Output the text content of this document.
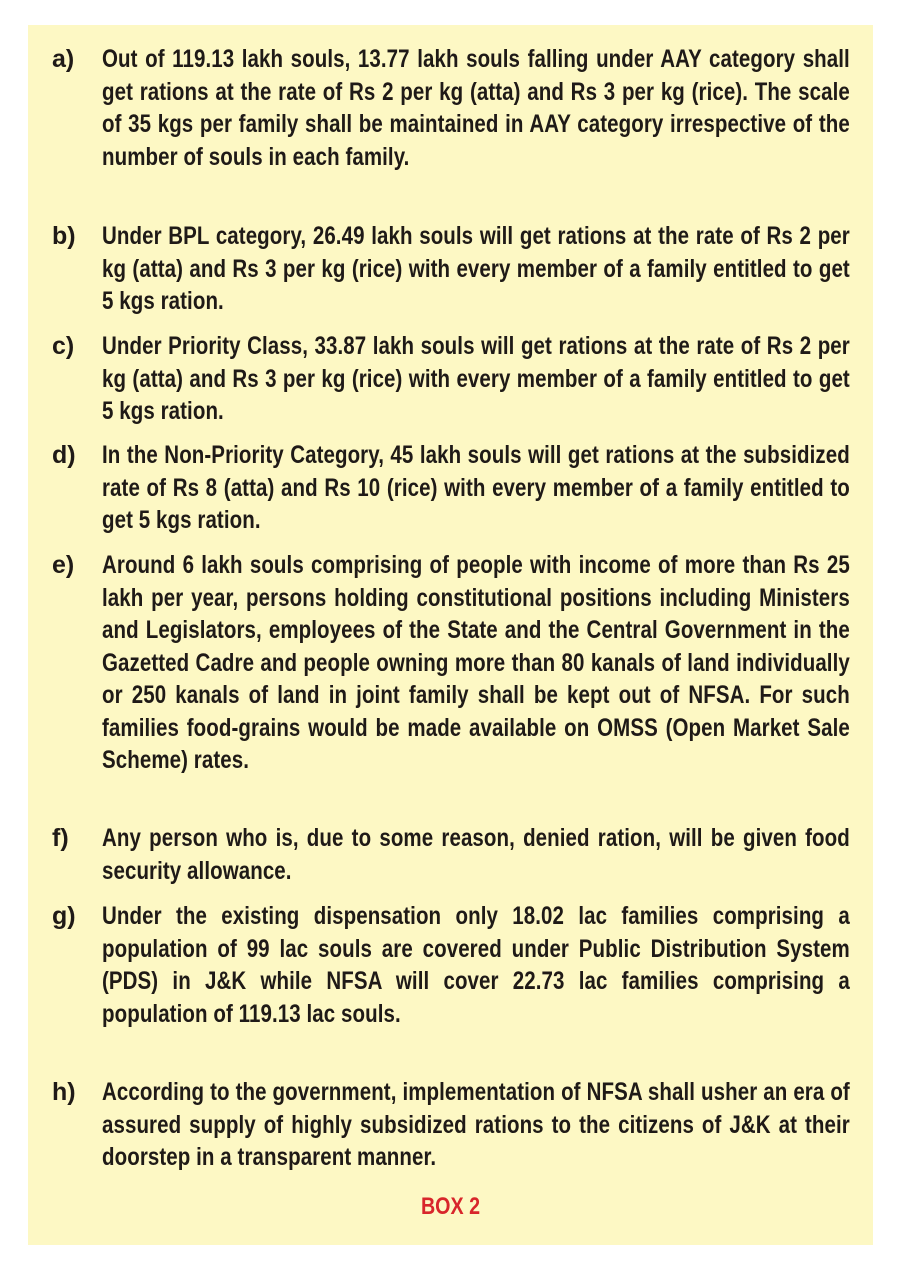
a) Out of 119.13 lakh souls, 13.77 lakh souls falling under AAY category shall get rations at the rate of Rs 2 per kg (atta) and Rs 3 per kg (rice). The scale of 35 kgs per family shall be maintained in AAY category irrespective of the number of souls in each family.
b) Under BPL category, 26.49 lakh souls will get rations at the rate of Rs 2 per kg (atta) and Rs 3 per kg (rice) with every member of a family entitled to get 5 kgs ration.
c) Under Priority Class, 33.87 lakh souls will get rations at the rate of Rs 2 per kg (atta) and Rs 3 per kg (rice) with every member of a family entitled to get 5 kgs ration.
d) In the Non-Priority Category, 45 lakh souls will get rations at the subsidized rate of Rs 8 (atta) and Rs 10 (rice) with every member of a family entitled to get 5 kgs ration.
e) Around 6 lakh souls comprising of people with income of more than Rs 25 lakh per year, persons holding constitutional positions including Ministers and Legislators, employees of the State and the Central Government in the Gazetted Cadre and people owning more than 80 kanals of land individually or 250 kanals of land in joint family shall be kept out of NFSA. For such families food-grains would be made available on OMSS (Open Market Sale Scheme) rates.
f) Any person who is, due to some reason, denied ration, will be given food security allowance.
g) Under the existing dispensation only 18.02 lac families comprising a population of 99 lac souls are covered under Public Distribution System (PDS) in J&K while NFSA will cover 22.73 lac families comprising a population of 119.13 lac souls.
h) According to the government, implementation of NFSA shall usher an era of assured supply of highly subsidized rations to the citizens of J&K at their doorstep in a transparent manner.
BOX 2
